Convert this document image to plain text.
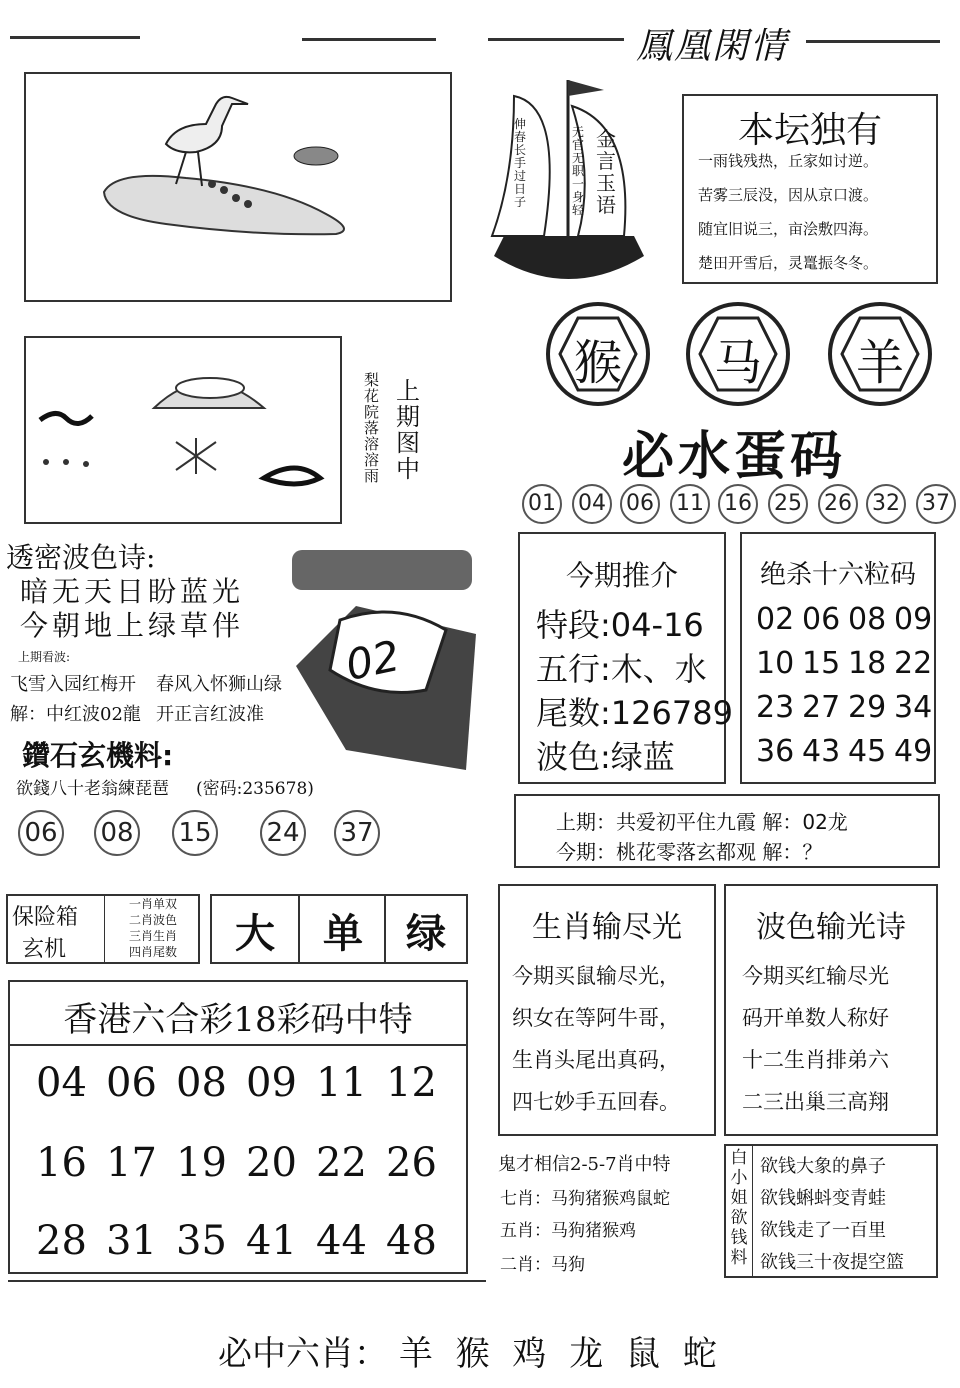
鳳凰閑情
梨花院落溶溶雨
上期图中
伸春长手过日子
无官无职一身轻
金言玉语
本坛独有
一雨钱残热，丘家如讨逆。
苦雾三辰没，因从京口渡。
随宜旧说三，亩浍敷四海。
楚田开雪后，灵鼍振冬冬。
猴	马	羊
必水蛋码
01 04 06 11 16 25 26 32 37
透密波色诗:
暗无天日盼蓝光
今朝地上绿草伴
上期看波:
飞雪入园红梅开 春风入怀狮山绿
解：中红波02龍 开正言红波准
02
鑽石玄機料:
欲錢八十老翁練琵琶 (密码:235678)
06 08 15 24 37
今期推介
特段:04-16
五行:木、水
尾数:126789
波色:绿蓝
绝杀十六粒码
02 06 08 09
10 15 18 22
23 27 29 34
36 43 45 49
上期：共爱初平住九霞 解：02龙
今期：桃花零落玄都观 解：？
保险箱
玄机
一肖单双
二肖波色
三肖生肖
四肖尾数	大	单	绿
香港六合彩18彩码中特
04 06 08 09 11 12
16 17 19 20 22 26
28 31 35 41 44 48
生肖输尽光
今期买鼠输尽光，
织女在等阿牛哥，
生肖头尾出真码，
四七妙手五回春。
波色输光诗
今期买红输尽光
码开单数人称好
十二生肖排弟六
二三出巢三高翔
鬼才相信2-5-7肖中特
七肖：马狗猪猴鸡鼠蛇
五肖：马狗猪猴鸡
二肖：马狗
白小姐欲钱料
欲钱大象的鼻子
欲钱蝌蚪变青蛙
欲钱走了一百里
欲钱三十夜提空篮
必中六肖： 羊 猴 鸡 龙 鼠 蛇
